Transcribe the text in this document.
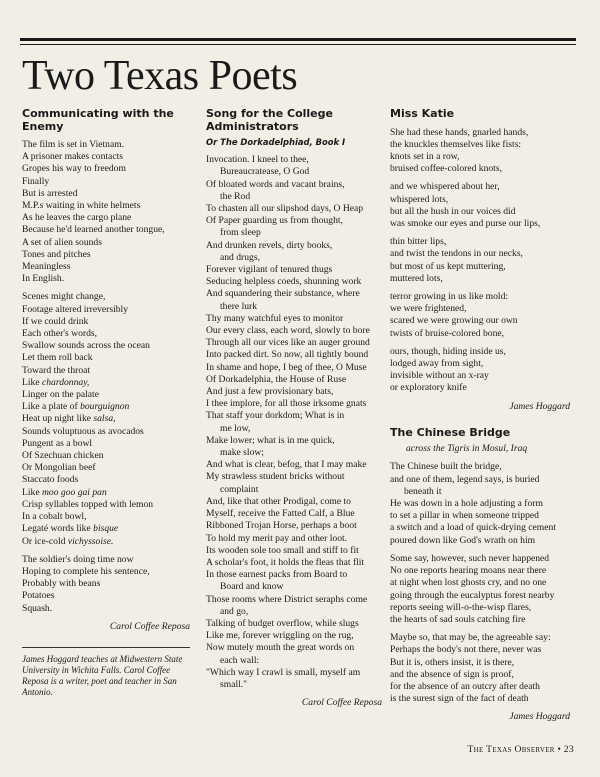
Two Texas Poets
Communicating with the Enemy
The film is set in Vietnam.
A prisoner makes contacts
Gropes his way to freedom
Finally
But is arrested
M.P.s waiting in white helmets
As he leaves the cargo plane
Because he'd learned another tongue,
A set of alien sounds
Tones and pitches
Meaningless
In English.
Scenes might change,
Footage altered irreversibly
If we could drink
Each other's words,
Swallow sounds across the ocean
Let them roll back
Toward the throat
Like chardonnay,
Linger on the palate
Like a plate of bourguignon
Heat up night like salsa,
Sounds voluptuous as avocados
Pungent as a bowl
Of Szechuan chicken
Or Mongolian beef
Staccato foods
Like moo goo gai pan
Crisp syllables topped with lemon
In a cobalt bowl,
Legaté words like bisque
Or ice-cold vichyssoise.
The soldier's doing time now
Hoping to complete his sentence,
Probably with beans
Potatoes
Squash.
Carol Coffee Reposa
James Hoggard teaches at Midwestern State University in Wichita Falls. Carol Coffee Reposa is a writer, poet and teacher in San Antonio.
Song for the College Administrators
Or The Dorkadelphiad, Book I
Invocation. I kneel to thee,
Bureaucratease, O God
Of bloated words and vacant brains,
the Rod
To chasten all our slipshod days, O Heap
Of Paper guarding us from thought,
from sleep
And drunken revels, dirty books,
and drugs,
Forever vigilant of tenured thugs
Seducing helpless coeds, shunning work
And squandering their substance, where
there lurk
Thy many watchful eyes to monitor
Our every class, each word, slowly to bore
Through all our vices like an auger ground
Into packed dirt. So now, all tightly bound
In shame and hope, I beg of thee, O Muse
Of Dorkadelphia, the House of Ruse
And just a few provisionary bats,
I thee implore, for all those irksome gnats
That staff your dorkdom; What is in
me low,
Make lower; what is in me quick,
make slow;
And what is clear, befog, that I may make
My strawless student bricks without
complaint
And, like that other Prodigal, come to
Myself, receive the Fatted Calf, a Blue
Ribboned Trojan Horse, perhaps a boot
To hold my merit pay and other loot.
Its wooden sole too small and stiff to fit
A scholar's foot, it holds the fleas that flit
In those earnest packs from Board to
Board and know
Those rooms where District seraphs come
and go,
Talking of budget overflow, while slugs
Like me, forever wriggling on the rug,
Now mutely mouth the great words on
each wall:
"Which way I crawl is small, myself am
small."
Carol Coffee Reposa
Miss Katie
She had these hands, gnarled hands,
the knuckles themselves like fists:
knots set in a row,
bruised coffee-colored knots,
and we whispered about her,
whispered lots,
but all the hush in our voices did
was smoke our eyes and purse our lips,
thin bitter lips,
and twist the tendons in our necks,
but most of us kept muttering,
muttered lots,
terror growing in us like mold:
we were frightened,
scared we were growing our own
twists of bruise-colored bone,
ours, though, hiding inside us,
lodged away from sight,
invisible without an x-ray
or exploratory knife
James Hoggard
The Chinese Bridge
across the Tigris in Mosul, Iraq
The Chinese built the bridge,
and one of them, legend says, is buried
beneath it
He was down in a hole adjusting a form
to set a pillar in when someone tripped
a switch and a load of quick-drying cement
poured down like God's wrath on him
Some say, however, such never happened
No one reports hearing moans near there
at night when lost ghosts cry, and no one
going through the eucalyptus forest nearby
reports seeing will-o-the-wisp flares,
the hearts of sad souls catching fire
Maybe so, that may be, the agreeable say:
Perhaps the body's not there, never was
But it is, others insist, it is there,
and the absence of sign is proof,
for the absence of an outcry after death
is the surest sign of the fact of death
James Hoggard
The Texas Observer • 23
